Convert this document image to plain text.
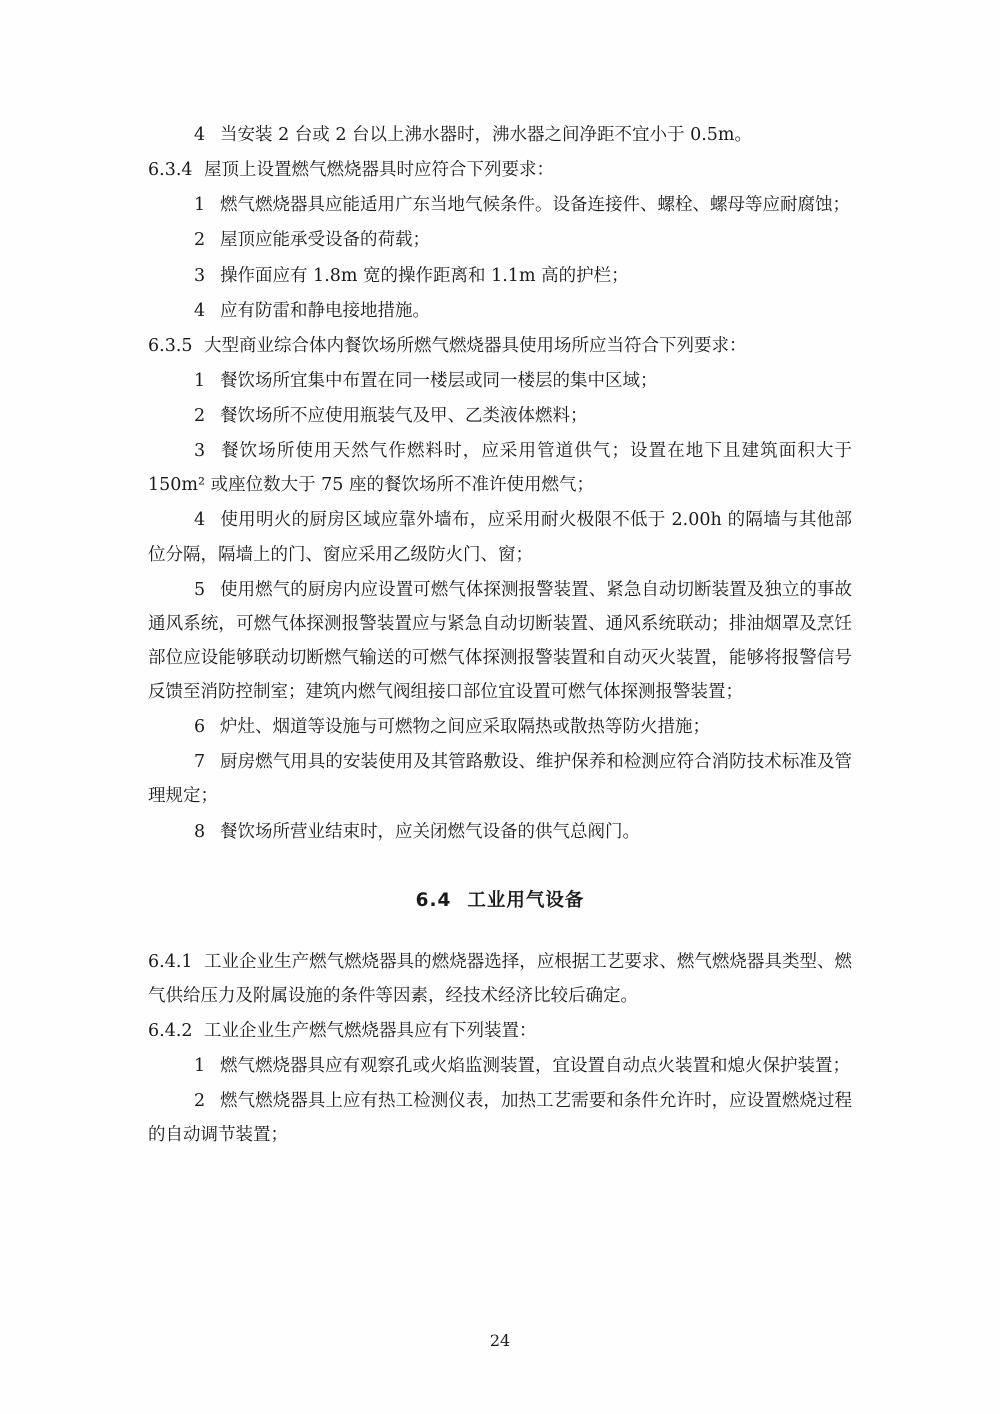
4 当安装 2 台或 2 台以上沸水器时，沸水器之间净距不宜小于 0.5m。
6.3.4 屋顶上设置燃气燃烧器具时应符合下列要求：
1 燃气燃烧器具应能适用广东当地气候条件。设备连接件、螺栓、螺母等应耐腐蚀；
2 屋顶应能承受设备的荷载；
3 操作面应有 1.8m 宽的操作距离和 1.1m 高的护栏；
4 应有防雷和静电接地措施。
6.3.5 大型商业综合体内餐饮场所燃气燃烧器具使用场所应当符合下列要求：
1 餐饮场所宜集中布置在同一楼层或同一楼层的集中区域；
2 餐饮场所不应使用瓶装气及甲、乙类液体燃料；
3 餐饮场所使用天然气作燃料时，应采用管道供气；设置在地下且建筑面积大于 150m² 或座位数大于 75 座的餐饮场所不准许使用燃气；
4 使用明火的厨房区域应靠外墙布，应采用耐火极限不低于 2.00h 的隔墙与其他部位分隔，隔墙上的门、窗应采用乙级防火门、窗；
5 使用燃气的厨房内应设置可燃气体探测报警装置、紧急自动切断装置及独立的事故通风系统，可燃气体探测报警装置应与紧急自动切断装置、通风系统联动；排油烟罩及烹饪部位应设能够联动切断燃气输送的可燃气体探测报警装置和自动灭火装置，能够将报警信号反馈至消防控制室；建筑内燃气阀组接口部位宜设置可燃气体探测报警装置；
6 炉灶、烟道等设施与可燃物之间应采取隔热或散热等防火措施；
7 厨房燃气用具的安装使用及其管路敷设、维护保养和检测应符合消防技术标准及管理规定；
8 餐饮场所营业结束时，应关闭燃气设备的供气总阀门。
6.4 工业用气设备
6.4.1 工业企业生产燃气燃烧器具的燃烧器选择，应根据工艺要求、燃气燃烧器具类型、燃气供给压力及附属设施的条件等因素，经技术经济比较后确定。
6.4.2 工业企业生产燃气燃烧器具应有下列装置：
1 燃气燃烧器具应有观察孔或火焰监测装置，宜设置自动点火装置和熄火保护装置；
2 燃气燃烧器具上应有热工检测仪表，加热工艺需要和条件允许时，应设置燃烧过程的自动调节装置；
24
